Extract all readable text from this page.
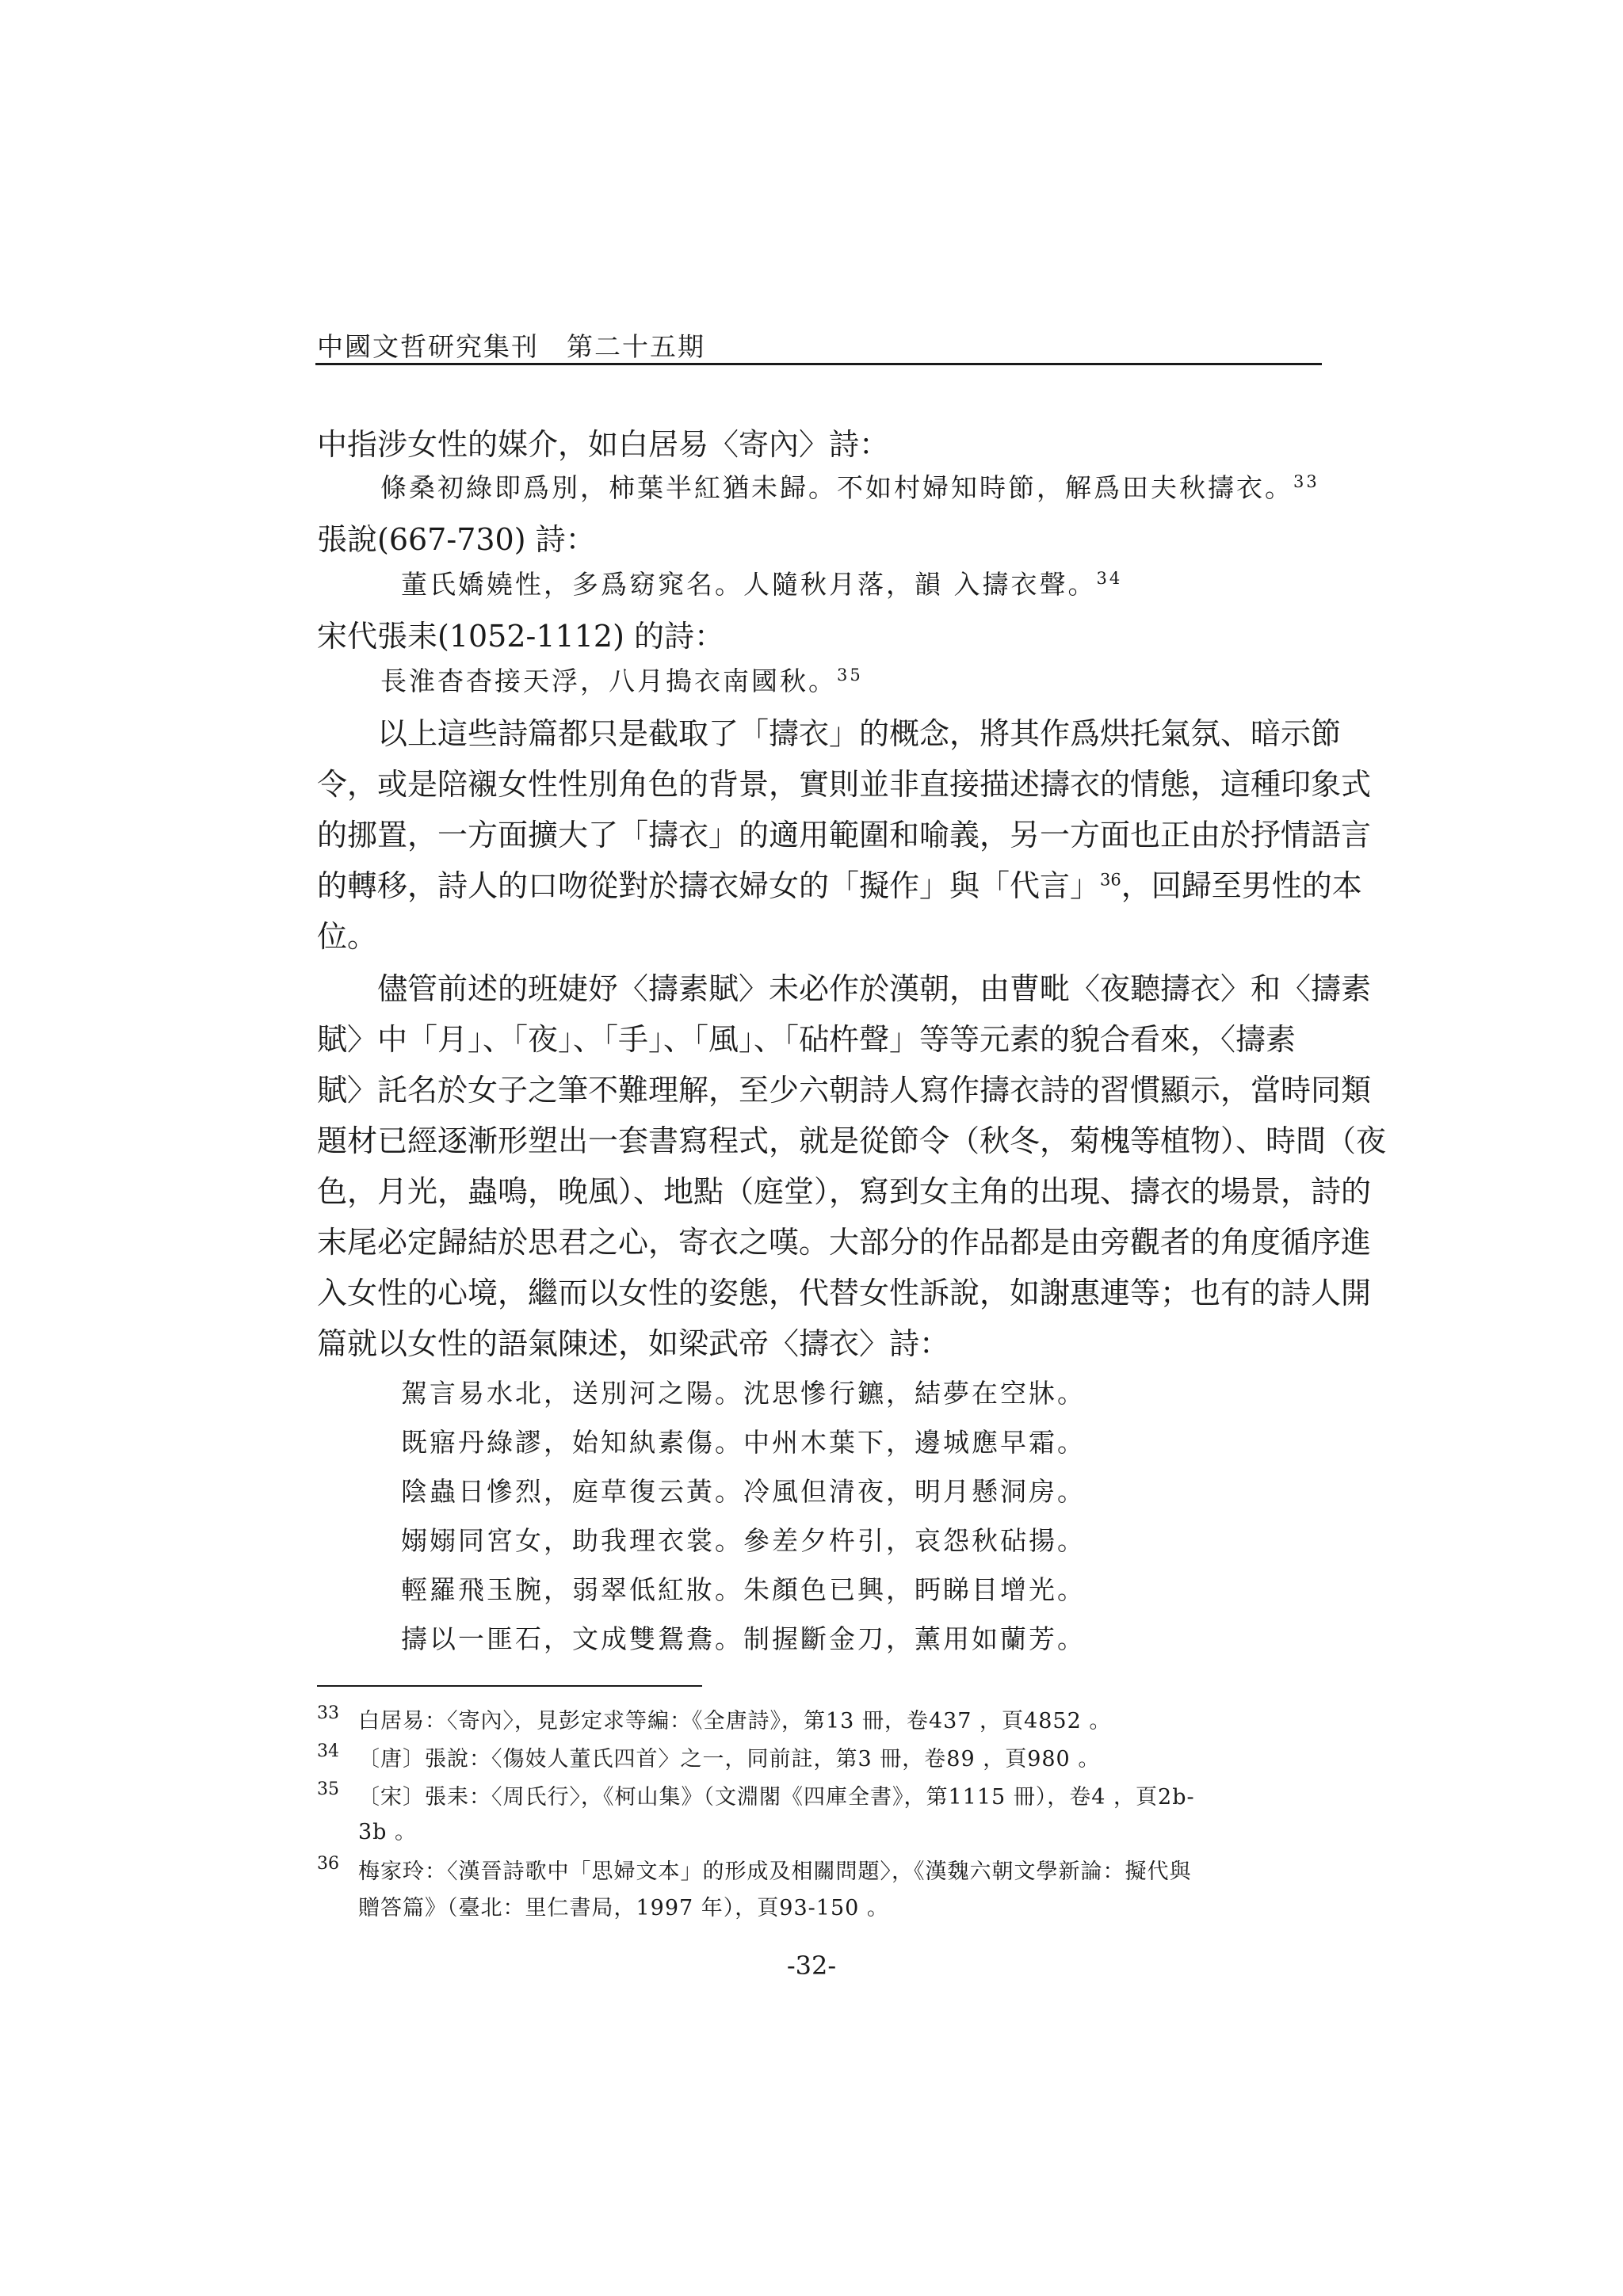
中國文哲研究集刊　第二十五期
中指涉女性的媒介，如白居易〈寄內〉詩：
條桑初綠即爲別，柿葉半紅猶未歸。不如村婦知時節，解爲田夫秋擣衣。$^{33}$
張說(667-730) 詩：
董氏嬌嬈性，多爲窈窕名。人隨秋月落，韻 入擣衣聲。$^{34}$
宋代張耒(1052-1112) 的詩：
長淮杳杳接天浮，八月搗衣南國秋。$^{35}$
　　以上這些詩篇都只是截取了「擣衣」的概念，將其作爲烘托氣氛、暗示節
令，或是陪襯女性性別角色的背景，實則並非直接描述擣衣的情態，這種印象式
的挪置，一方面擴大了「擣衣」的適用範圍和喻義，另一方面也正由於抒情語言
的轉移，詩人的口吻從對於擣衣婦女的「擬作」與「代言」$^{36}$，回歸至男性的本
位。
　　儘管前述的班婕妤〈擣素賦〉未必作於漢朝，由曹毗〈夜聽擣衣〉和〈擣素
賦〉中「月」、「夜」、「手」、「風」、「砧杵聲」等等元素的貌合看來，〈擣素
賦〉託名於女子之筆不難理解，至少六朝詩人寫作擣衣詩的習慣顯示，當時同類
題材已經逐漸形塑出一套書寫程式，就是從節令（秋冬，菊槐等植物）、時間（夜
色，月光，蟲鳴，晚風）、地點（庭堂），寫到女主角的出現、擣衣的場景，詩的
末尾必定歸結於思君之心，寄衣之嘆。大部分的作品都是由旁觀者的角度循序進
入女性的心境，繼而以女性的姿態，代替女性訴說，如謝惠連等；也有的詩人開
篇就以女性的語氣陳述，如梁武帝〈擣衣〉詩：
駕言易水北，送別河之陽。沈思慘行鑣，結夢在空牀。
既寤丹綠謬，始知紈素傷。中州木葉下，邊城應早霜。
陰蟲日慘烈，庭草復云黃。冷風但清夜，明月懸洞房。
嫋嫋同宮女，助我理衣裳。參差夕杵引，哀怨秋砧揚。
輕羅飛玉腕，弱翠低紅妝。朱顏色已興，眄睇目增光。
擣以一匪石，文成雙鴛鴦。制握斷金刀，薰用如蘭芳。
33 白居易：〈寄內〉，見彭定求等編：《全唐詩》，第13 冊，卷437 ，頁4852 。
34 〔唐〕張說：〈傷妓人董氏四首〉之一，同前註，第3 冊，卷89 ，頁980 。
35 〔宋〕張耒：〈周氏行〉，《柯山集》（文淵閣《四庫全書》，第1115 冊），卷4 ，頁2b-
3b 。
36 梅家玲：〈漢晉詩歌中「思婦文本」的形成及相關問題〉，《漢魏六朝文學新論：擬代與
贈答篇》（臺北：里仁書局，1997 年），頁93-150 。
-32-
